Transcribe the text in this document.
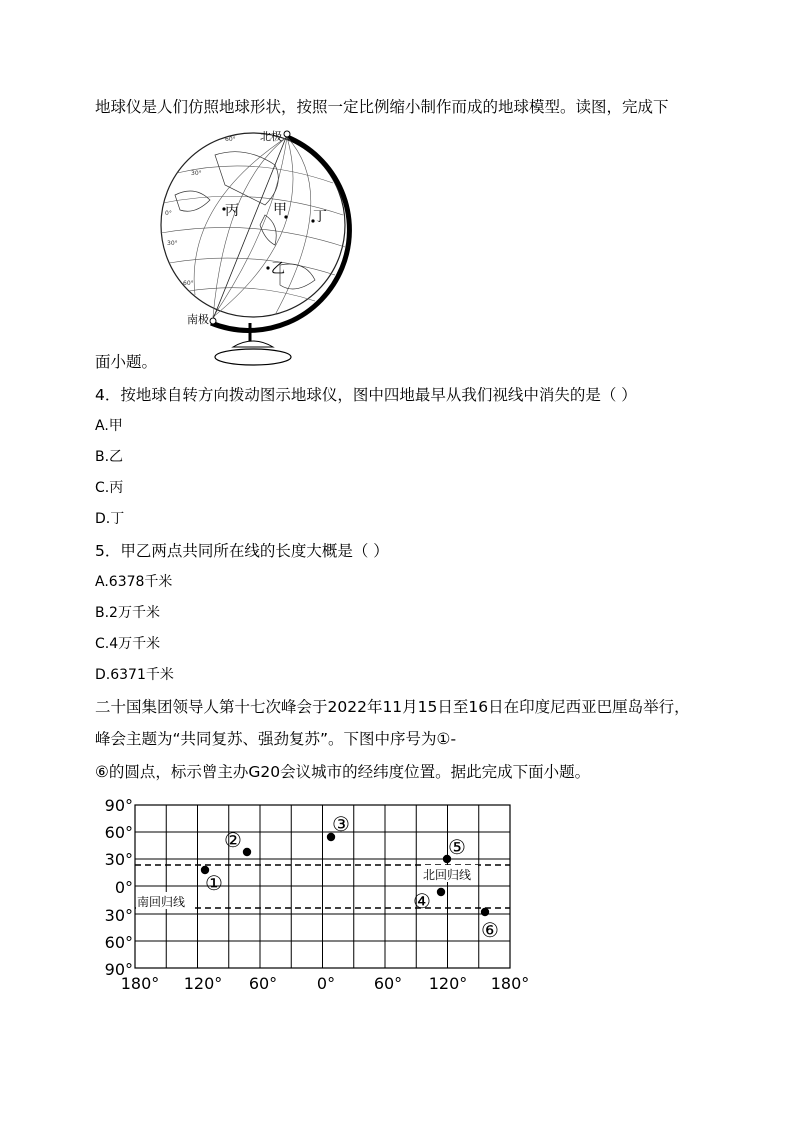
地球仪是人们仿照地球形状，按照一定比例缩小制作而成的地球模型。读图，完成下
北极
南极
60°
30°
0°
30°
60°
甲
乙
丙	丁
面小题。
4．按地球自转方向拨动图示地球仪，图中四地最早从我们视线中消失的是（ ）
A.甲
B.乙
C.丙
D.丁
5．甲乙两点共同所在线的长度大概是（ ）
A.6378千米
B.2万千米
C.4万千米
D.6371千米
二十国集团领导人第十七次峰会于2022年11月15日至16日在印度尼西亚巴厘岛举行，
峰会主题为“共同复苏、强劲复苏”。下图中序号为①-
⑥的圆点，标示曾主办G20会议城市的经纬度位置。据此完成下面小题。
北回归线
南回归线
90°
60°
30°
0°
30°
60°
90°
180° 120° 60° 0° 60° 120° 180°
①
②
③
④
⑤
⑥
